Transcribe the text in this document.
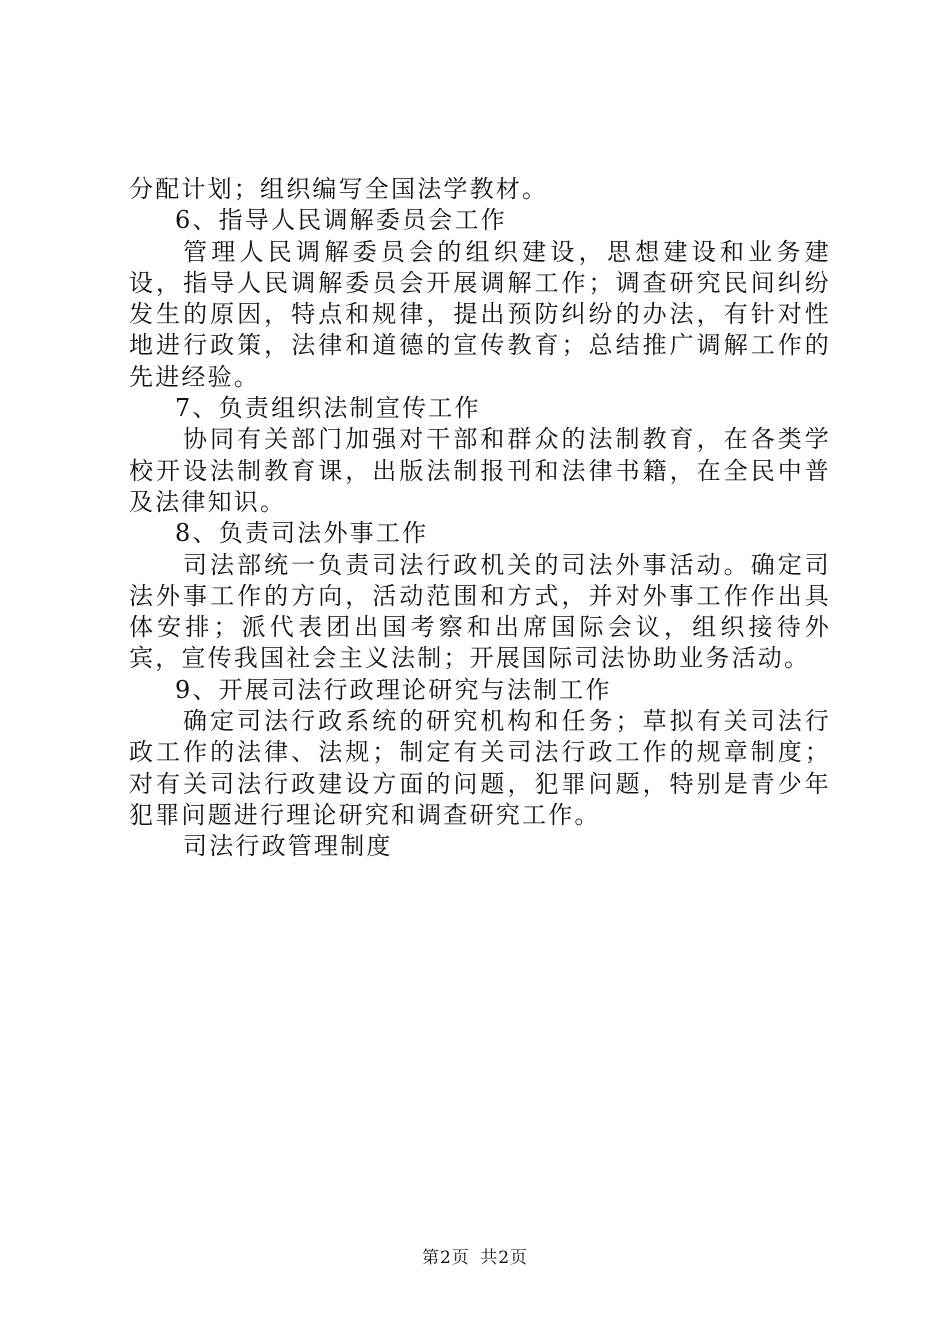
分配计划；组织编写全国法学教材。

6、指导人民调解委员会工作

管理人民调解委员会的组织建设，思想建设和业务建设，指导人民调解委员会开展调解工作；调查研究民间纠纷发生的原因，特点和规律，提出预防纠纷的办法，有针对性地进行政策，法律和道德的宣传教育；总结推广调解工作的先进经验。

7、负责组织法制宣传工作

协同有关部门加强对干部和群众的法制教育，在各类学校开设法制教育课，出版法制报刊和法律书籍，在全民中普及法律知识。

8、负责司法外事工作

司法部统一负责司法行政机关的司法外事活动。确定司法外事工作的方向，活动范围和方式，并对外事工作作出具体安排；派代表团出国考察和出席国际会议，组织接待外宾，宣传我国社会主义法制；开展国际司法协助业务活动。

9、开展司法行政理论研究与法制工作

确定司法行政系统的研究机构和任务；草拟有关司法行政工作的法律、法规；制定有关司法行政工作的规章制度；对有关司法行政建设方面的问题，犯罪问题，特别是青少年犯罪问题进行理论研究和调查研究工作。

司法行政管理制度

第2页 共2页
